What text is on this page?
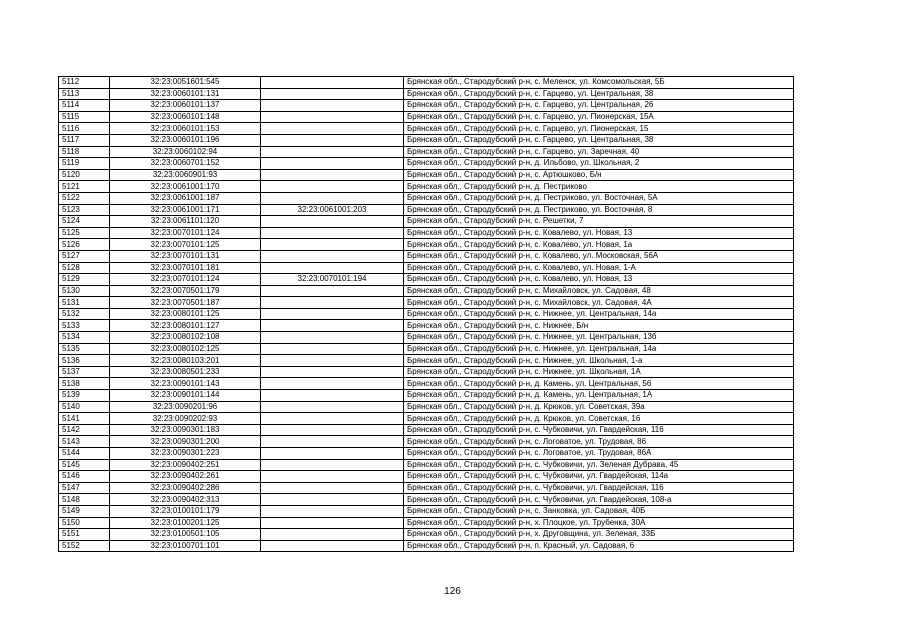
5112	32:23:0051601:545		Брянская обл., Стародубский р-н, с. Меленск, ул. Комсомольская, 5Б
5113	32:23:0060101:131		Брянская обл., Стародубский р-н, с. Гарцево, ул. Центральная, 38
5114	32:23:0060101:137		Брянская обл., Стародубский р-н, с. Гарцево, ул. Центральная, 26
5115	32:23:0060101:148		Брянская обл., Стародубский р-н, с. Гарцево, ул. Пионерская, 15А
5116	32:23:0060101:153		Брянская обл., Стародубский р-н, с. Гарцево, ул. Пионерская, 15
5117	32:23:0060101:196		Брянская обл., Стародубский р-н, с. Гарцево, ул. Центральная, 38
5118	32:23:0060102:94		Брянская обл., Стародубский р-н, с. Гарцево, ул. Заречная, 40
5119	32:23:0060701:152		Брянская обл., Стародубский р-н, д. Ильбово, ул. Школьная, 2
5120	32:23:0060901:93		Брянская обл., Стародубский р-н, с. Артюшково, Б/н
5121	32:23:0061001:170		Брянская обл., Стародубский р-н, д. Пестриково
5122	32:23:0061001:187		Брянская обл., Стародубский р-н, д. Пестриково, ул. Восточная, 5А
5123	32:23:0061001:171	32:23:0061001:203	Брянская обл., Стародубский р-н, д. Пестриково, ул. Восточная, 8
5124	32:23:0061101:120		Брянская обл., Стародубский р-н, с. Решетки, 7
5125	32:23:0070101:124		Брянская обл., Стародубский р-н, с. Ковалево, ул. Новая, 13
5126	32:23:0070101:125		Брянская обл., Стародубский р-н, с. Ковалево, ул. Новая, 1а
5127	32:23:0070101:131		Брянская обл., Стародубский р-н, с. Ковалево, ул. Московская, 56А
5128	32:23:0070101:181		Брянская обл., Стародубский р-н, с. Ковалево, ул. Новая, 1-А
5129	32:23:0070101:124	32:23:0070101:194	Брянская обл., Стародубский р-н, с. Ковалево, ул. Новая, 13
5130	32:23:0070501:179		Брянская обл., Стародубский р-н, с. Михайловск, ул. Садовая, 48
5131	32:23:0070501:187		Брянская обл., Стародубский р-н, с. Михайловск, ул. Садовая, 4А
5132	32:23:0080101:125		Брянская обл., Стародубский р-н, с. Нижнее, ул. Центральная, 14а
5133	32:23:0080101:127		Брянская обл., Стародубский р-н, с. Нижнее, Б/н
5134	32:23:0080102:108		Брянская обл., Стародубский р-н, с. Нижнее, ул. Центральная, 13б
5135	32:23:0080102:125		Брянская обл., Стародубский р-н, с. Нижнее, ул. Центральная, 14а
5136	32:23:0080103:201		Брянская обл., Стародубский р-н, с. Нижнее, ул. Школьная, 1-а
5137	32:23:0080501:233		Брянская обл., Стародубский р-н, с. Нижнее, ул. Школьная, 1А
5138	32:23:0090101:143		Брянская обл., Стародубский р-н, д. Камень, ул. Центральная, 56
5139	32:23:0090101:144		Брянская обл., Стародубский р-н, д. Камень, ул. Центральная, 1А
5140	32:23:0090201:96		Брянская обл., Стародубский р-н, д. Крюков, ул. Советская, 39а
5141	32:23:0090202:93		Брянская обл., Стародубский р-н, д. Крюков, ул. Советская, 16
5142	32:23:0090301:183		Брянская обл., Стародубский р-н, с. Чубковичи, ул. Гвардейская, 116
5143	32:23:0090301:200		Брянская обл., Стародубский р-н, с. Логоватое, ул. Трудовая, 86
5144	32:23:0090301:223		Брянская обл., Стародубский р-н, с. Логоватое, ул. Трудовая, 86А
5145	32:23:0090402:251		Брянская обл., Стародубский р-н, с. Чубковичи, ул. Зеленая Дубрава, 45
5146	32:23:0090402:261		Брянская обл., Стародубский р-н, с. Чубковичи, ул. Гвардейская, 114а
5147	32:23:0090402:286		Брянская обл., Стародубский р-н, с. Чубковичи, ул. Гвардейская, 116
5148	32:23:0090402:313		Брянская обл., Стародубский р-н, с. Чубковичи, ул. Гвардейская, 108-а
5149	32:23:0100101:179		Брянская обл., Стародубский р-н, с. Занковка, ул. Садовая, 40Б
5150	32:23:0100201:125		Брянская обл., Стародубский р-н, х. Плоцкое, ул. Трубенка, 30А
5151	32:23:0100501:105		Брянская обл., Стародубский р-н, х. Друговщина, ул. Зеленая, 33Б
5152	32:23:0100701:101		Брянская обл., Стародубский р-н, п. Красный, ул. Садовая, 6
126
